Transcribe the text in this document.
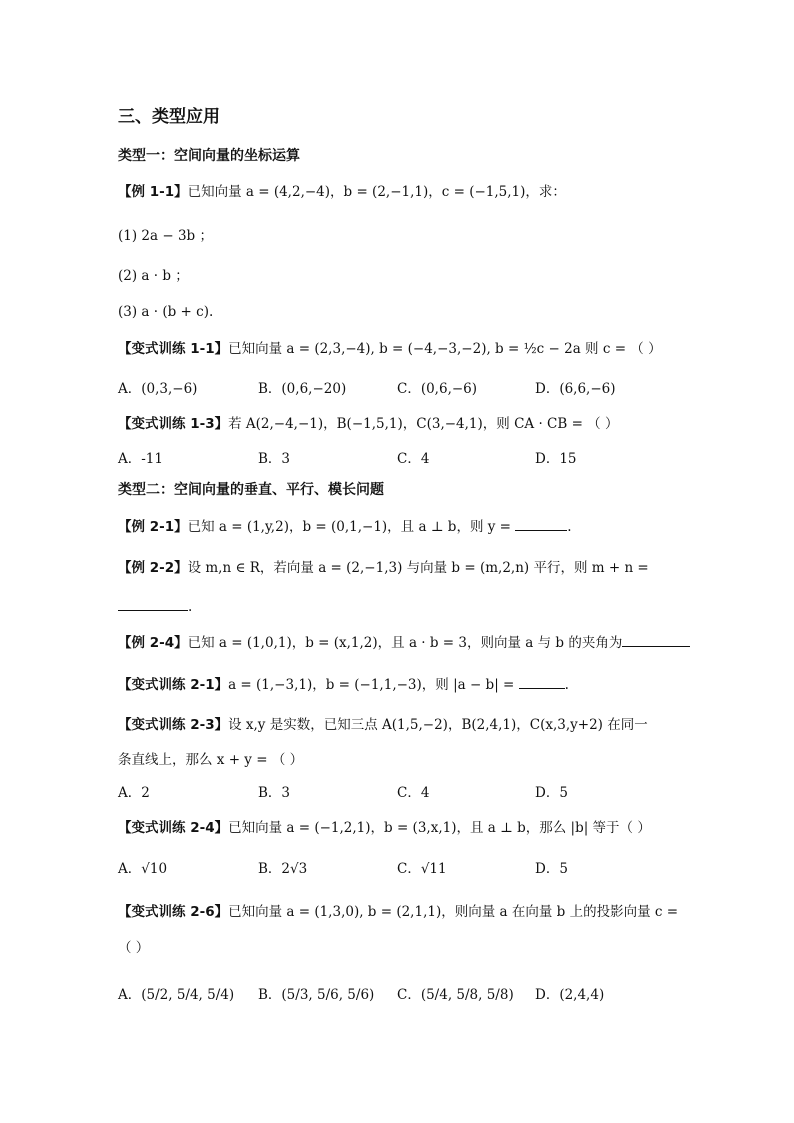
三、类型应用
类型一：空间向量的坐标运算
【例 1-1】已知向量 a = (4,2,−4)，b = (2,−1,1)，c = (−1,5,1)，求：
(1) 2a − 3b ；
(2) a · b ；
(3) a · (b + c).
【变式训练 1-1】已知向量 a = (2,3,−4), b = (−4,−3,−2), b = ½c − 2a 则 c = （ ）
A．(0,3,−6)	B．(0,6,−20)	C．(0,6,−6)	D．(6,6,−6)
【变式训练 1-3】若 A(2,−4,−1)，B(−1,5,1)，C(3,−4,1)，则 CA · CB = （ ）
A．-11	B．3	C．4	D．15
类型二：空间向量的垂直、平行、模长问题
【例 2-1】已知 a = (1,y,2)，b = (0,1,−1)，且 a ⊥ b，则 y =	.
【例 2-2】设 m,n ∈ R，若向量 a = (2,−1,3) 与向量 b = (m,2,n) 平行，则 m + n =
.
【例 2-4】已知 a = (1,0,1)，b = (x,1,2)，且 a · b = 3，则向量 a 与 b 的夹角为
【变式训练 2-1】a = (1,−3,1)，b = (−1,1,−3)，则 |a − b| =	.
【变式训练 2-3】设 x,y 是实数，已知三点 A(1,5,−2)，B(2,4,1)，C(x,3,y+2) 在同一
条直线上，那么 x + y = （ ）
A．2	B．3	C．4	D．5
【变式训练 2-4】已知向量 a = (−1,2,1)，b = (3,x,1)，且 a ⊥ b，那么 |b| 等于（ ）
A．√10	B．2√3	C．√11	D．5
【变式训练 2-6】已知向量 a = (1,3,0), b = (2,1,1)，则向量 a 在向量 b 上的投影向量 c =
（ ）
A．(5/2, 5/4, 5/4) B．(5/3, 5/6, 5/6) C．(5/4, 5/8, 5/8) D．(2,4,4)
